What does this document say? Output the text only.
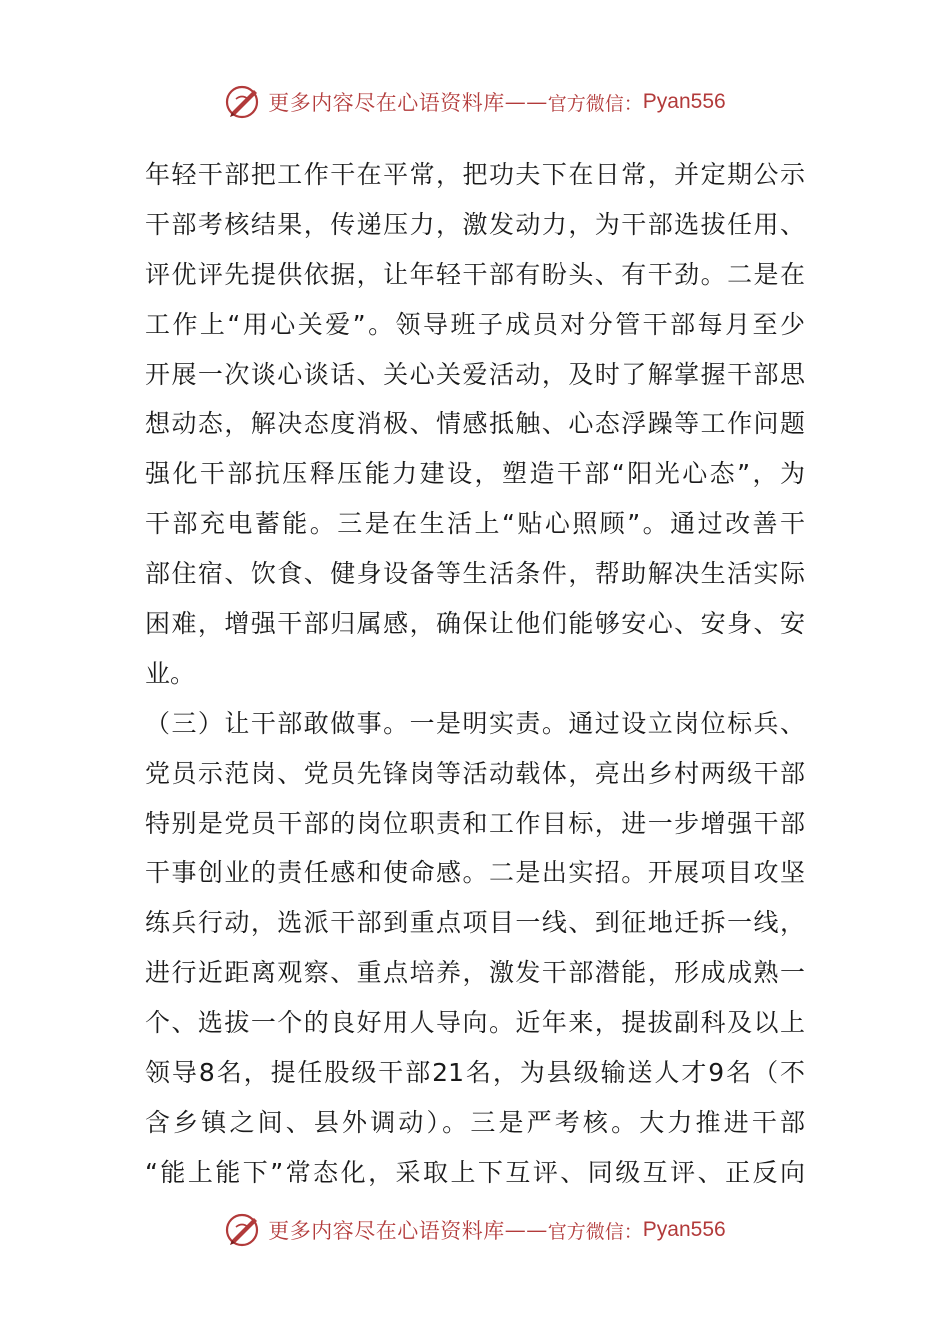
更多内容尽在心语资料库 —— 官方微信： Pyan556
年轻干部把工作干在平常，把功夫下在日常，并定期公示
干部考核结果，传递压力，激发动力，为干部选拔任用、
评优评先提供依据，让年轻干部有盼头、有干劲。二是在
工作上“用心关爱”。领导班子成员对分管干部每月至少
开展一次谈心谈话、关心关爱活动，及时了解掌握干部思
想动态，解决态度消极、情感抵触、心态浮躁等工作问题
强化干部抗压释压能力建设，塑造干部“阳光心态”，为
干部充电蓄能。三是在生活上“贴心照顾”。通过改善干
部住宿、饮食、健身设备等生活条件，帮助解决生活实际
困难，增强干部归属感，确保让他们能够安心、安身、安
业。
（三）让干部敢做事。一是明实责。通过设立岗位标兵、
党员示范岗、党员先锋岗等活动载体，亮出乡村两级干部
特别是党员干部的岗位职责和工作目标，进一步增强干部
干事创业的责任感和使命感。二是出实招。开展项目攻坚
练兵行动，选派干部到重点项目一线、到征地迁拆一线，
进行近距离观察、重点培养，激发干部潜能，形成成熟一
个、选拔一个的良好用人导向。近年来，提拔副科及以上
领导8名，提任股级干部21名，为县级输送人才9名（不
含乡镇之间、县外调动）。三是严考核。大力推进干部
“能上能下”常态化，采取上下互评、同级互评、正反向
更多内容尽在心语资料库 —— 官方微信： Pyan556
